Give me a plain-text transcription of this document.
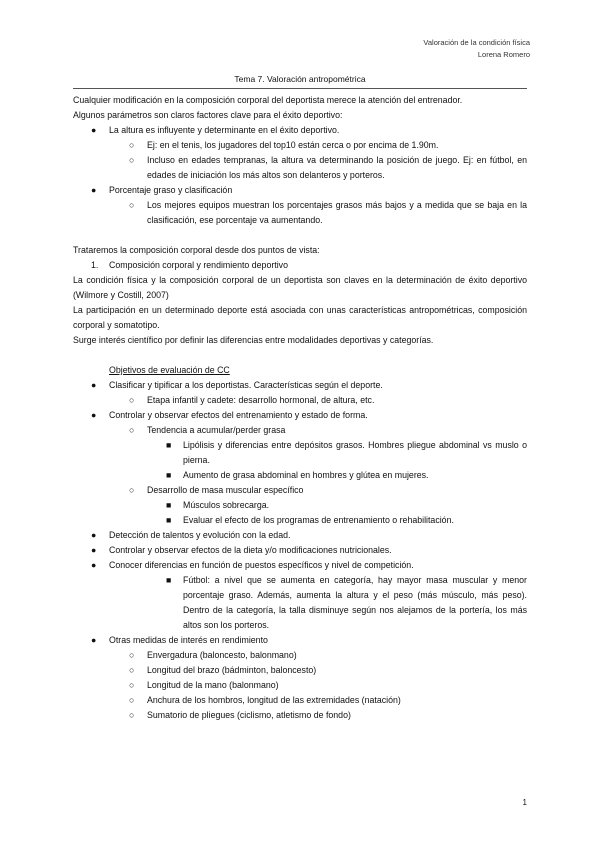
Valoración de la condición física
Lorena Romero
Tema 7. Valoración antropométrica

Cualquier modificación en la composición corporal del deportista merece la atención del entrenador.

Algunos parámetros son claros factores clave para el éxito deportivo:

● La altura es influyente y determinante en el éxito deportivo.
○ Ej: en el tenis, los jugadores del top10 están cerca o por encima de 1.90m.
○ Incluso en edades tempranas, la altura va determinando la posición de juego. Ej: en fútbol, en edades de iniciación los más altos son delanteros y porteros.
● Porcentaje graso y clasificación
○ Los mejores equipos muestran los porcentajes grasos más bajos y a medida que se baja en la clasificación, ese porcentaje va aumentando.

Trataremos la composición corporal desde dos puntos de vista:

1. Composición corporal y rendimiento deportivo

La condición física y la composición corporal de un deportista son claves en la determinación de éxito deportivo (Wilmore y Costill, 2007)

La participación en un determinado deporte está asociada con unas características antropométricas, composición corporal y somatotipo.

Surge interés científico por definir las diferencias entre modalidades deportivas y categorías.

Objetivos de evaluación de CC
● Clasificar y tipificar a los deportistas. Características según el deporte.
○ Etapa infantil y cadete: desarrollo hormonal, de altura, etc.
● Controlar y observar efectos del entrenamiento y estado de forma.
○ Tendencia a acumular/perder grasa
■ Lipólisis y diferencias entre depósitos grasos. Hombres pliegue abdominal vs muslo o pierna.
■ Aumento de grasa abdominal en hombres y glútea en mujeres.
○ Desarrollo de masa muscular específico
■ Músculos sobrecarga.
■ Evaluar el efecto de los programas de entrenamiento o rehabilitación.
● Detección de talentos y evolución con la edad.
● Controlar y observar efectos de la dieta y/o modificaciones nutricionales.
● Conocer diferencias en función de puestos específicos y nivel de competición.
■ Fútbol: a nivel que se aumenta en categoría, hay mayor masa muscular y menor porcentaje graso. Además, aumenta la altura y el peso (más músculo, más peso). Dentro de la categoría, la talla disminuye según nos alejamos de la portería, los más altos son los porteros.
● Otras medidas de interés en rendimiento
○ Envergadura (baloncesto, balonmano)
○ Longitud del brazo (bádminton, baloncesto)
○ Longitud de la mano (balonmano)
○ Anchura de los hombros, longitud de las extremidades (natación)
○ Sumatorio de pliegues (ciclismo, atletismo de fondo)
1
